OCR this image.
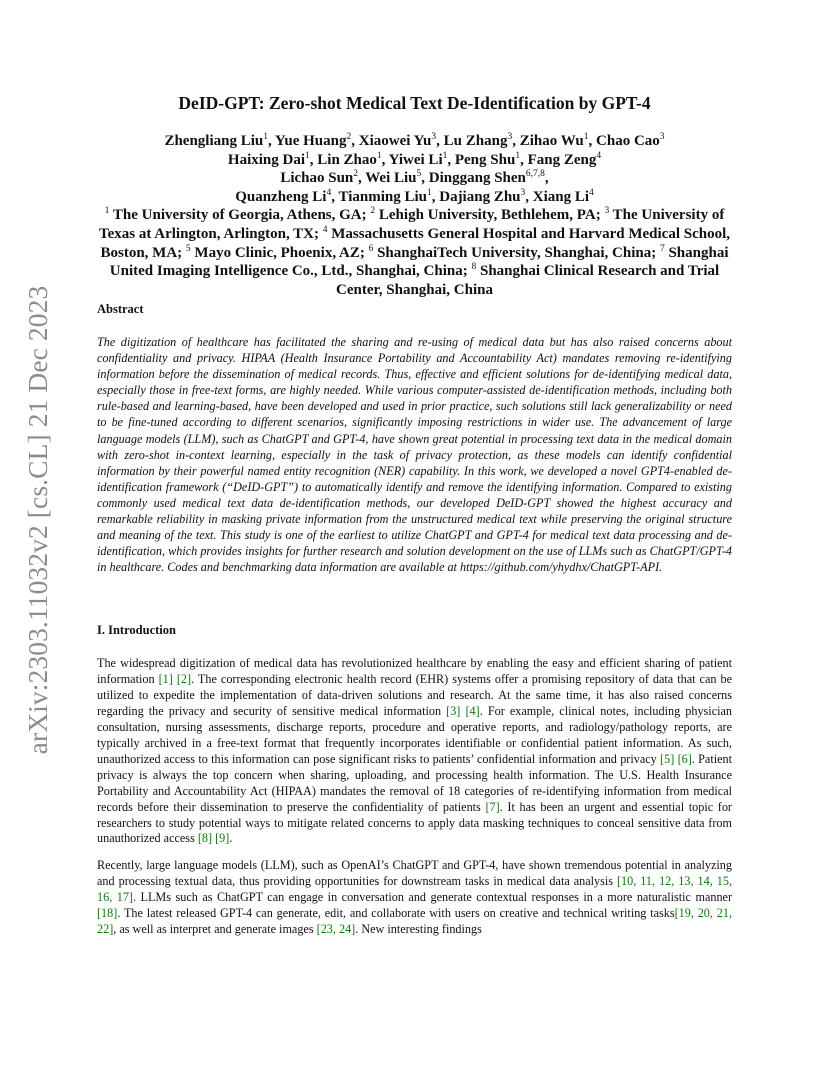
arXiv:2303.11032v2 [cs.CL] 21 Dec 2023
DeID-GPT: Zero-shot Medical Text De-Identification by GPT-4
Zhengliang Liu$^1$, Yue Huang$^2$, Xiaowei Yu$^3$, Lu Zhang$^3$, Zihao Wu$^1$, Chao Cao$^3$
Haixing Dai$^1$, Lin Zhao$^1$, Yiwei Li$^1$, Peng Shu$^1$, Fang Zeng$^4$
Lichao Sun$^2$, Wei Liu$^5$, Dinggang Shen$^{6,7,8}$,
Quanzheng Li$^4$, Tianming Liu$^1$, Dajiang Zhu$^3$, Xiang Li$^4$
$^1$ The University of Georgia, Athens, GA; $^2$ Lehigh University, Bethlehem, PA; $^3$ The University of Texas at Arlington, Arlington, TX; $^4$ Massachusetts General Hospital and Harvard Medical School, Boston, MA; $^5$ Mayo Clinic, Phoenix, AZ; $^6$ ShanghaiTech University, Shanghai, China; $^7$ Shanghai United Imaging Intelligence Co., Ltd., Shanghai, China; $^8$ Shanghai Clinical Research and Trial Center, Shanghai, China
Abstract

The digitization of healthcare has facilitated the sharing and re-using of medical data but has also raised concerns about confidentiality and privacy. HIPAA (Health Insurance Portability and Accountability Act) mandates removing re-identifying information before the dissemination of medical records. Thus, effective and efficient solutions for de-identifying medical data, especially those in free-text forms, are highly needed. While various computer-assisted de-identification methods, including both rule-based and learning-based, have been developed and used in prior practice, such solutions still lack generalizability or need to be fine-tuned according to different scenarios, significantly imposing restrictions in wider use. The advancement of large language models (LLM), such as ChatGPT and GPT-4, have shown great potential in processing text data in the medical domain with zero-shot in-context learning, especially in the task of privacy protection, as these models can identify confidential information by their powerful named entity recognition (NER) capability. In this work, we developed a novel GPT4-enabled de-identification framework (“DeID-GPT”) to automatically identify and remove the identifying information. Compared to existing commonly used medical text data de-identification methods, our developed DeID-GPT showed the highest accuracy and remarkable reliability in masking private information from the unstructured medical text while preserving the original structure and meaning of the text. This study is one of the earliest to utilize ChatGPT and GPT-4 for medical text data processing and de-identification, which provides insights for further research and solution development on the use of LLMs such as ChatGPT/GPT-4 in healthcare. Codes and benchmarking data information are available at https://github.com/yhydhx/ChatGPT-API.

I. Introduction

The widespread digitization of medical data has revolutionized healthcare by enabling the easy and efficient sharing of patient information [1] [2]. The corresponding electronic health record (EHR) systems offer a promising repository of data that can be utilized to expedite the implementation of data-driven solutions and research. At the same time, it has also raised concerns regarding the privacy and security of sensitive medical information [3] [4]. For example, clinical notes, including physician consultation, nursing assessments, discharge reports, procedure and operative reports, and radiology/pathology reports, are typically archived in a free-text format that frequently incorporates identifiable or confidential patient information. As such, unauthorized access to this information can pose significant risks to patients’ confidential information and privacy [5] [6]. Patient privacy is always the top concern when sharing, uploading, and processing health information. The U.S. Health Insurance Portability and Accountability Act (HIPAA) mandates the removal of 18 categories of re-identifying information from medical records before their dissemination to preserve the confidentiality of patients [7]. It has been an urgent and essential topic for researchers to study potential ways to mitigate related concerns to apply data masking techniques to conceal sensitive data from unauthorized access [8] [9].

Recently, large language models (LLM), such as OpenAI’s ChatGPT and GPT-4, have shown tremendous potential in analyzing and processing textual data, thus providing opportunities for downstream tasks in medical data analysis [10, 11, 12, 13, 14, 15, 16, 17]. LLMs such as ChatGPT can engage in conversation and generate contextual responses in a more naturalistic manner [18]. The latest released GPT-4 can generate, edit, and collaborate with users on creative and technical writing tasks[19, 20, 21, 22], as well as interpret and generate images [23, 24]. New interesting findings
